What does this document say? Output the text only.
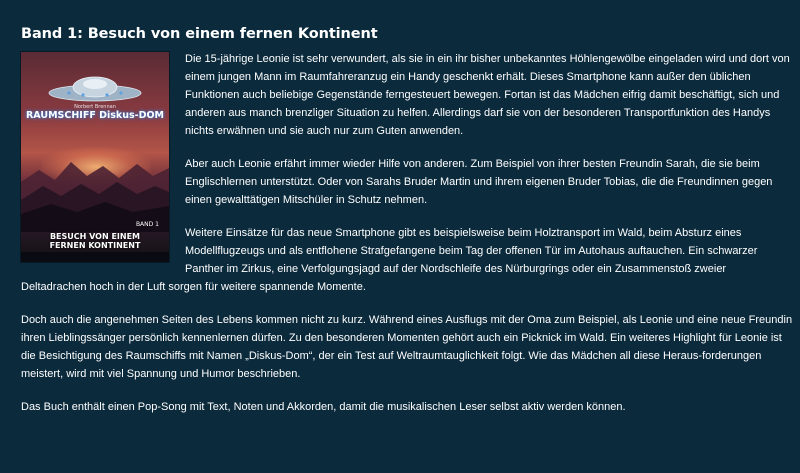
Band 1: Besuch von einem fernen Kontinent
Norbert Brennan
RAUMSCHIFF Diskus-DOM
BAND 1
BESUCH VON EINEM
FERNEN KONTINENT

Die 15-jährige Leonie ist sehr verwundert, als sie in ein ihr bisher unbekanntes Höhlengewölbe eingeladen wird und dort von einem jungen Mann im Raumfahreranzug ein Handy geschenkt erhält. Dieses Smartphone kann außer den üblichen Funktionen auch beliebige Gegenstände ferngesteuert bewegen. Fortan ist das Mädchen eifrig damit beschäftigt, sich und anderen aus manch brenzliger Situation zu helfen. Allerdings darf sie von der besonderen Transportfunktion des Handys nichts erwähnen und sie auch nur zum Guten anwenden.

Aber auch Leonie erfährt immer wieder Hilfe von anderen. Zum Beispiel von ihrer besten Freundin Sarah, die sie beim Englischlernen unterstützt. Oder von Sarahs Bruder Martin und ihrem eigenen Bruder Tobias, die die Freundinnen gegen einen gewalttätigen Mitschüler in Schutz nehmen.

Weitere Einsätze für das neue Smartphone gibt es beispielsweise beim Holztransport im Wald, beim Absturz eines Modellflugzeugs und als entflohene Strafgefangene beim Tag der offenen Tür im Autohaus auftauchen. Ein schwarzer Panther im Zirkus, eine Verfolgungsjagd auf der Nordschleife des Nürburgrings oder ein Zusammenstoß zweier Deltadrachen hoch in der Luft sorgen für weitere spannende Momente.

Doch auch die angenehmen Seiten des Lebens kommen nicht zu kurz. Während eines Ausflugs mit der Oma zum Beispiel, als Leonie und eine neue Freundin ihren Lieblingssänger persönlich kennenlernen dürfen. Zu den besonderen Momenten gehört auch ein Picknick im Wald. Ein weiteres Highlight für Leonie ist die Besichtigung des Raumschiffs mit Namen „Diskus-Dom“, der ein Test auf Weltraumtauglichkeit folgt. Wie das Mädchen all diese Heraus-forderungen meistert, wird mit viel Spannung und Humor beschrieben.

Das Buch enthält einen Pop-Song mit Text, Noten und Akkorden, damit die musikalischen Leser selbst aktiv werden können.
